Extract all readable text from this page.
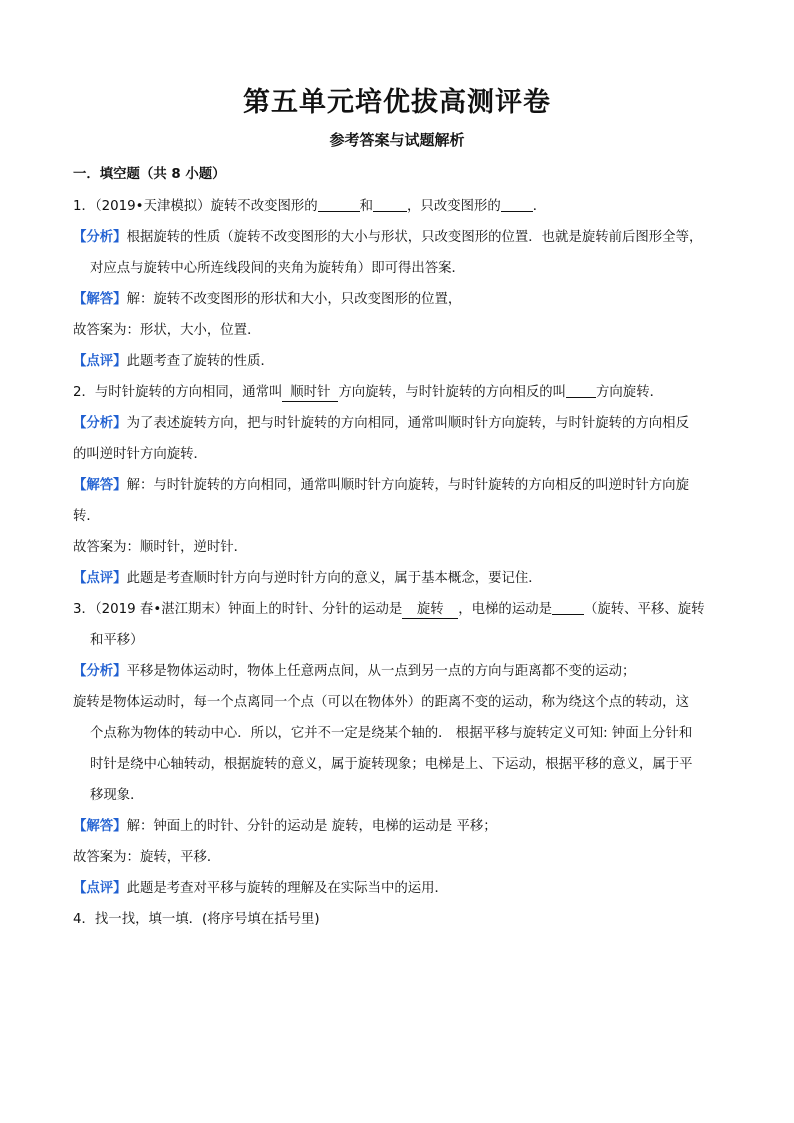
第五单元培优拔高测评卷
参考答案与试题解析
一．填空题（共 8 小题）
1．（2019•天津模拟）旋转不改变图形的	和	，只改变图形的 ．
【分析】根据旋转的性质（旋转不改变图形的大小与形状，只改变图形的位置．也就是旋转前后图形全等，
对应点与旋转中心所连线段间的夹角为旋转角）即可得出答案．
【解答】解：旋转不改变图形的形状和大小，只改变图形的位置，
故答案为：形状，大小，位置．
【点评】此题考查了旋转的性质．
2．与时针旋转的方向相同，通常叫 顺时针 方向旋转，与时针旋转的方向相反的叫 方向旋转．
【分析】为了表述旋转方向，把与时针旋转的方向相同，通常叫顺时针方向旋转，与时针旋转的方向相反
的叫逆时针方向旋转．
【解答】解：与时针旋转的方向相同，通常叫顺时针方向旋转，与时针旋转的方向相反的叫逆时针方向旋
转．
故答案为：顺时针，逆时针．
【点评】此题是考查顺时针方向与逆时针方向的意义，属于基本概念，要记住．
3．（2019 春•湛江期末）钟面上的时针、分针的运动是 旋转 ，电梯的运动是 （旋转、平移、旋转
和平移）
【分析】平移是物体运动时，物体上任意两点间，从一点到另一点的方向与距离都不变的运动；
旋转是物体运动时，每一个点离同一个点（可以在物体外）的距离不变的运动，称为绕这个点的转动，这
个点称为物体的转动中心．所以，它并不一定是绕某个轴的． 根据平移与旋转定义可知: 钟面上分针和
时针是绕中心轴转动，根据旋转的意义，属于旋转现象；电梯是上、下运动，根据平移的意义，属于平
移现象．
【解答】解：钟面上的时针、分针的运动是 旋转，电梯的运动是 平移；
故答案为：旋转，平移．
【点评】此题是考查对平移与旋转的理解及在实际当中的运用．
4．找一找，填一填．(将序号填在括号里)
